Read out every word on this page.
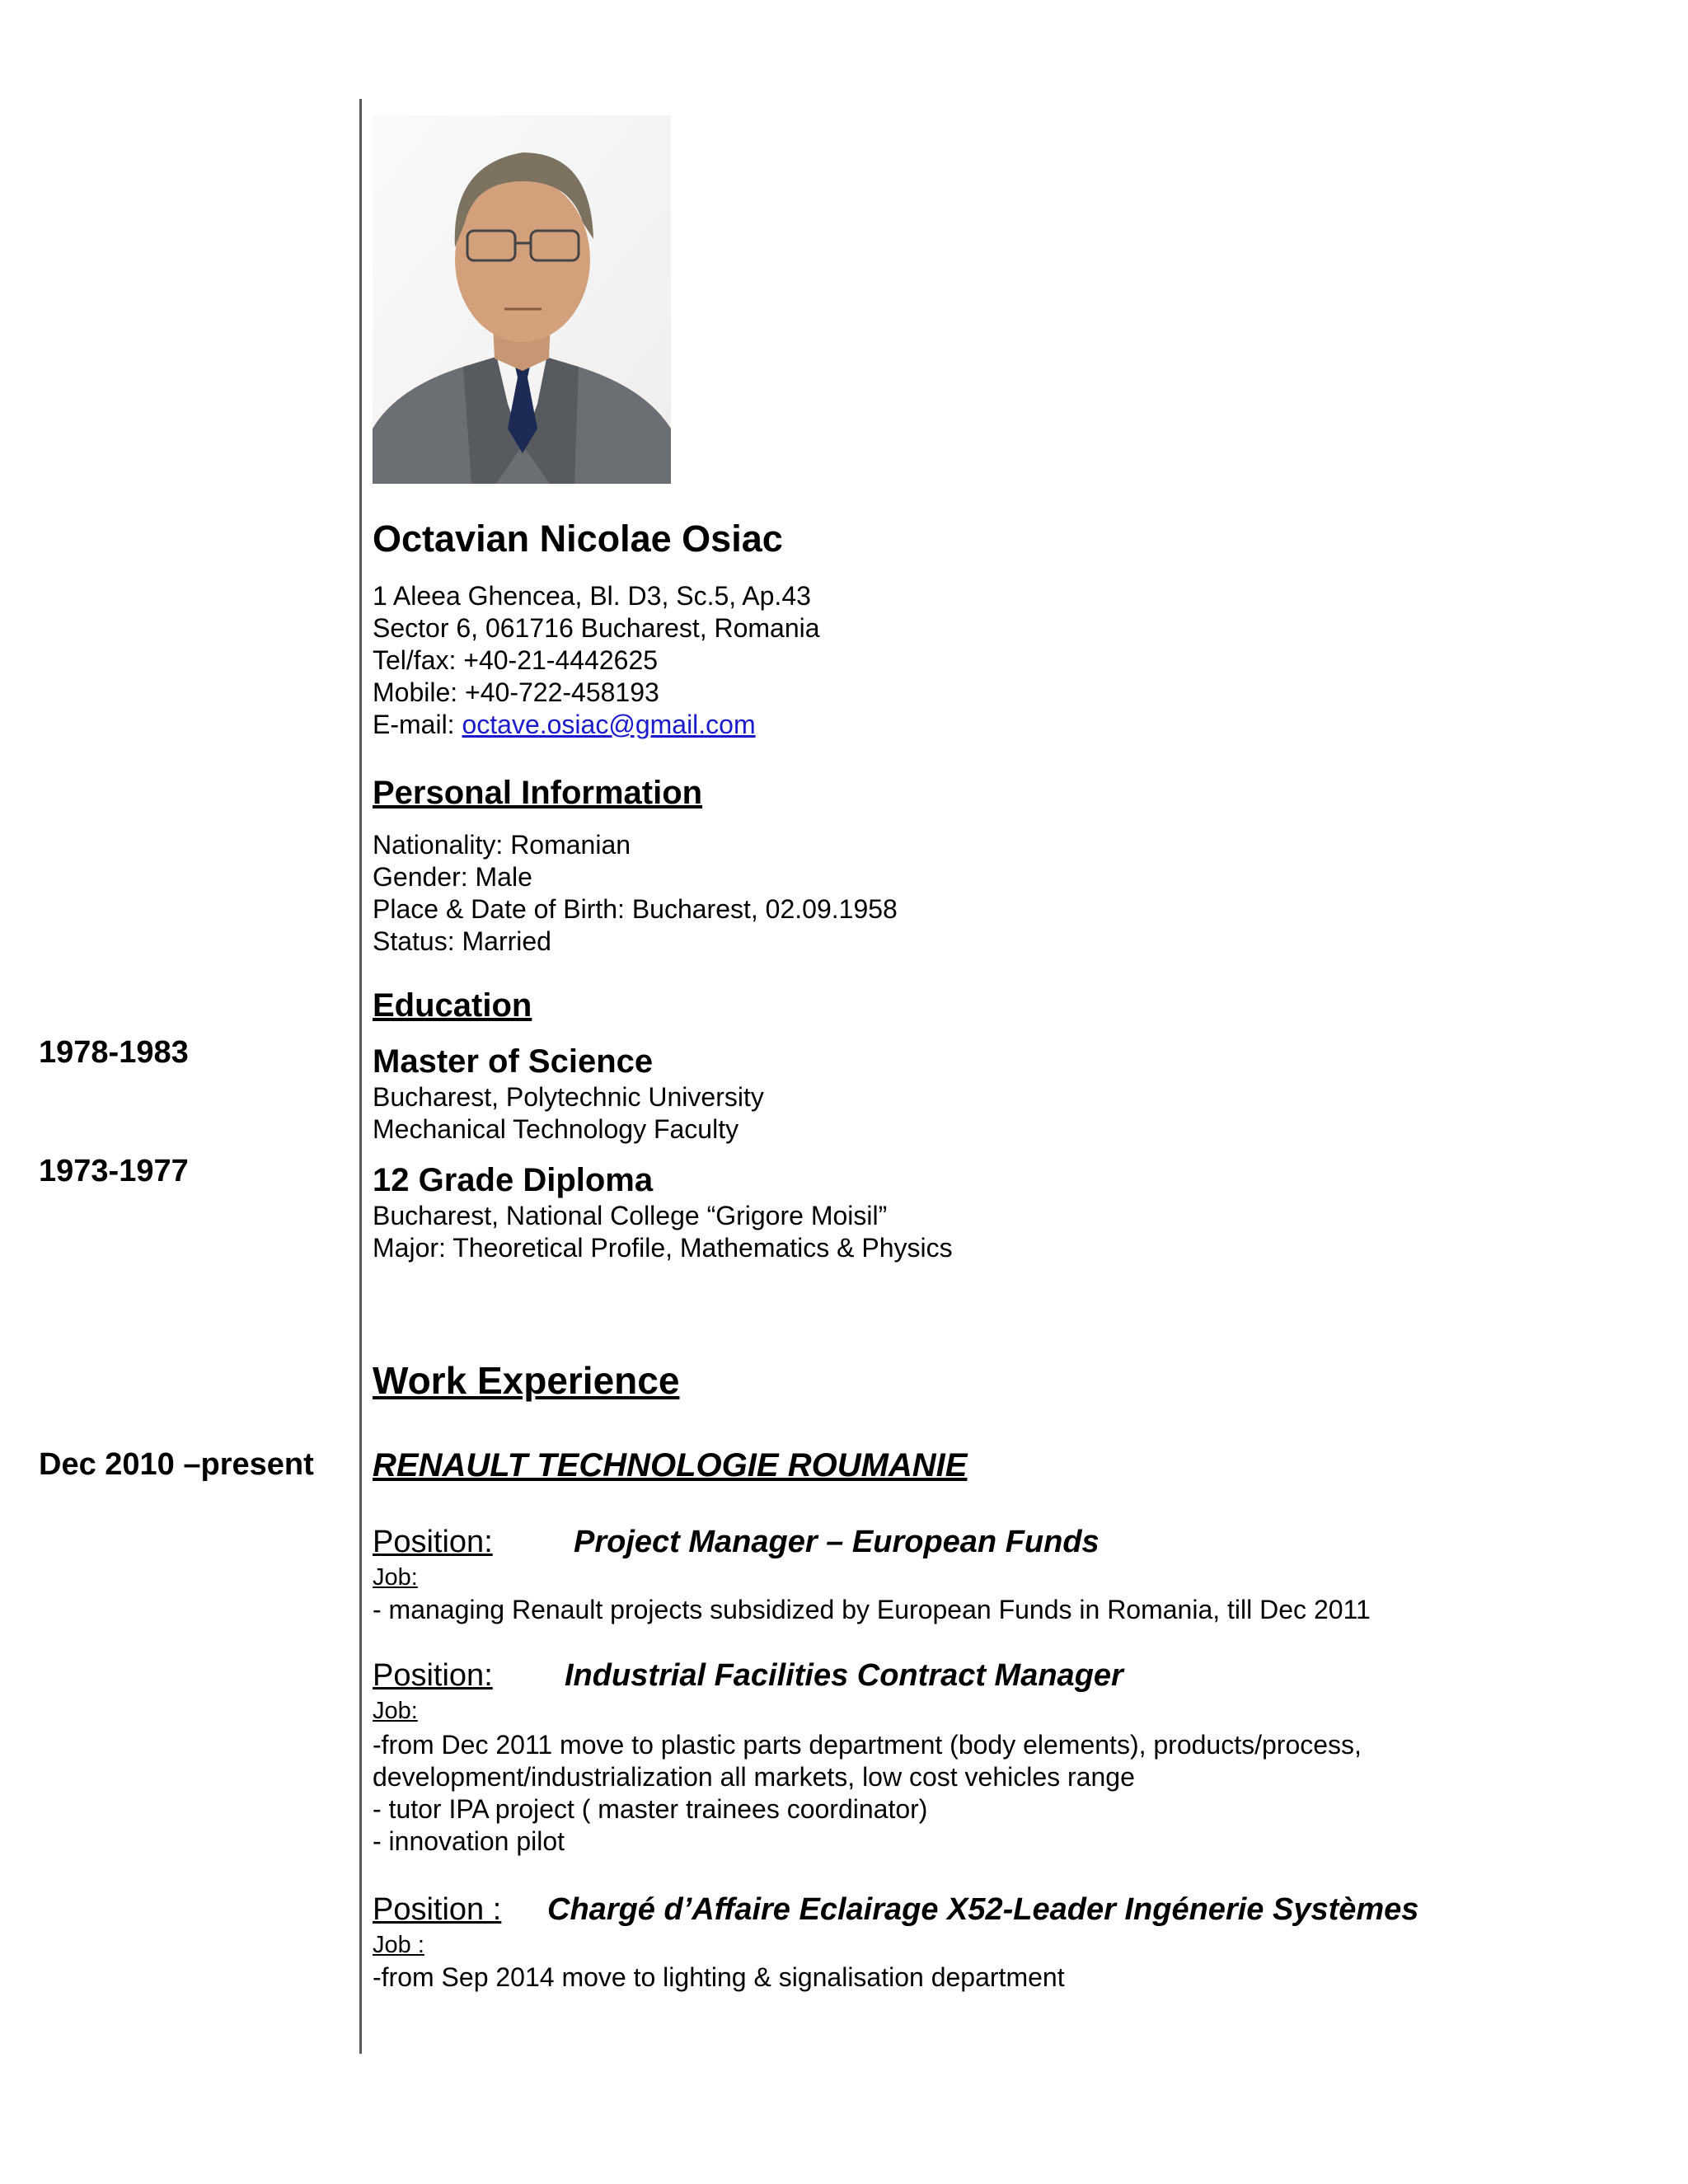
Octavian Nicolae Osiac
1 Aleea Ghencea, Bl. D3, Sc.5, Ap.43
Sector 6, 061716 Bucharest, Romania
Tel/fax: +40-21-4442625
Mobile: +40-722-458193
E-mail: octave.osiac@gmail.com
Personal Information
Nationality: Romanian
Gender: Male
Place & Date of Birth: Bucharest, 02.09.1958
Status: Married
Education
1978-1983	Master of Science
Bucharest, Polytechnic University
Mechanical Technology Faculty
1973-1977	12 Grade Diploma
Bucharest, National College “Grigore Moisil”
Major: Theoretical Profile, Mathematics & Physics
Work Experience
Dec 2010 –present RENAULT TECHNOLOGIE ROUMANIE
Position:	Project Manager – European Funds
Job:
- managing Renault projects subsidized by European Funds in Romania, till Dec 2011
Position: Industrial Facilities Contract Manager
Job:
-from Dec 2011 move to plastic parts department (body elements), products/process,
development/industrialization all markets, low cost vehicles range
- tutor IPA project ( master trainees coordinator)
- innovation pilot
Position :	Chargé d’Affaire Eclairage X52-Leader Ingénerie Systèmes
Job :
-from Sep 2014 move to lighting & signalisation department
